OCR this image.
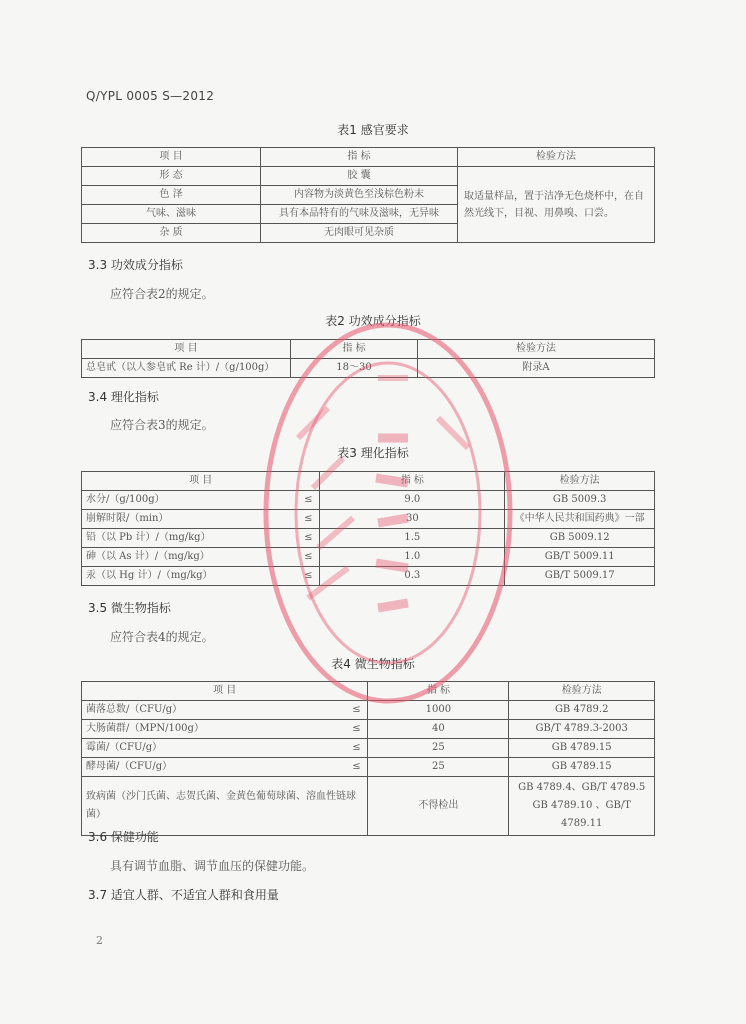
Q/YPL 0005 S—2012
表1 感官要求
项 目	指 标	检验方法
形 态	胶 囊	取适量样品，置于洁净无色烧杯中，在自然光线下，目视、用鼻嗅、口尝。
色 泽	内容物为淡黄色至浅棕色粉末	
气味、滋味	具有本品特有的气味及滋味，无异味	
杂 质	无肉眼可见杂质	
3.3 功效成分指标
应符合表2的规定。
表2 功效成分指标
项 目	指 标	检验方法
总皂甙（以人参皂甙 Re 计）/（g/100g）	18～30	附录A
3.4 理化指标
应符合表3的规定。
表3 理化指标
项 目		指 标	检验方法
水分/（g/100g）	≤	9.0	GB 5009.3
崩解时限/（min）	≤	30	《中华人民共和国药典》一部
铅（以 Pb 计）/（mg/kg）	≤	1.5	GB 5009.12
砷（以 As 计）/（mg/kg）	≤	1.0	GB/T 5009.11
汞（以 Hg 计）/（mg/kg）	≤	0.3	GB/T 5009.17
3.5 微生物指标
应符合表4的规定。
表4 微生物指标
项 目		指 标	检验方法
菌落总数/（CFU/g）	≤	1000	GB 4789.2
大肠菌群/（MPN/100g）	≤	40	GB/T 4789.3-2003
霉菌/（CFU/g）	≤	25	GB 4789.15
酵母菌/（CFU/g）	≤	25	GB 4789.15
致病菌（沙门氏菌、志贺氏菌、金黄色葡萄球菌、溶血性链球菌）		不得检出	GB 4789.4、GB/T 4789.5
GB 4789.10 、GB/T 4789.11
3.6 保健功能
具有调节血脂、调节血压的保健功能。
3.7 适宜人群、不适宜人群和食用量
2
